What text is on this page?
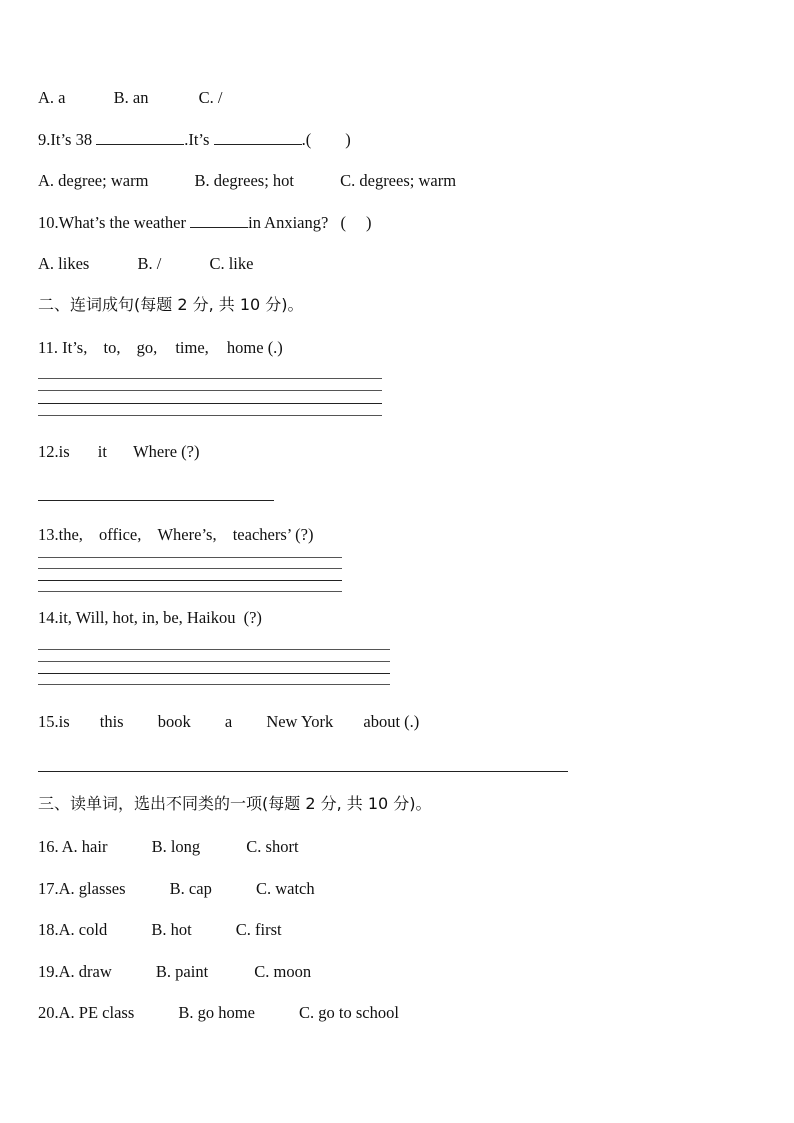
A. a	B. an	C. /
9.It’s 38	.It’s	.( )
A. degree; warm	B. degrees; hot	C. degrees; warm
10.What’s the weather	in Anxiang? ( )
A. likes	B. /	C. like
二、连词成句(每题 2 分, 共 10 分)。
11. It’s, to, go, time, home (.)
12.is it Where (?)
13.the, office, Where’s, teachers’ (?)
14.it, Will, hot, in, be, Haikou (?)
15.is this book a New York about (.)
三、读单词，选出不同类的一项(每题 2 分, 共 10 分)。
16. A. hair	B. long	C. short
17.A. glasses	B. cap	C. watch
18.A. cold	B. hot	C. first
19.A. draw	B. paint	C. moon
20.A. PE class	B. go home	C. go to school
